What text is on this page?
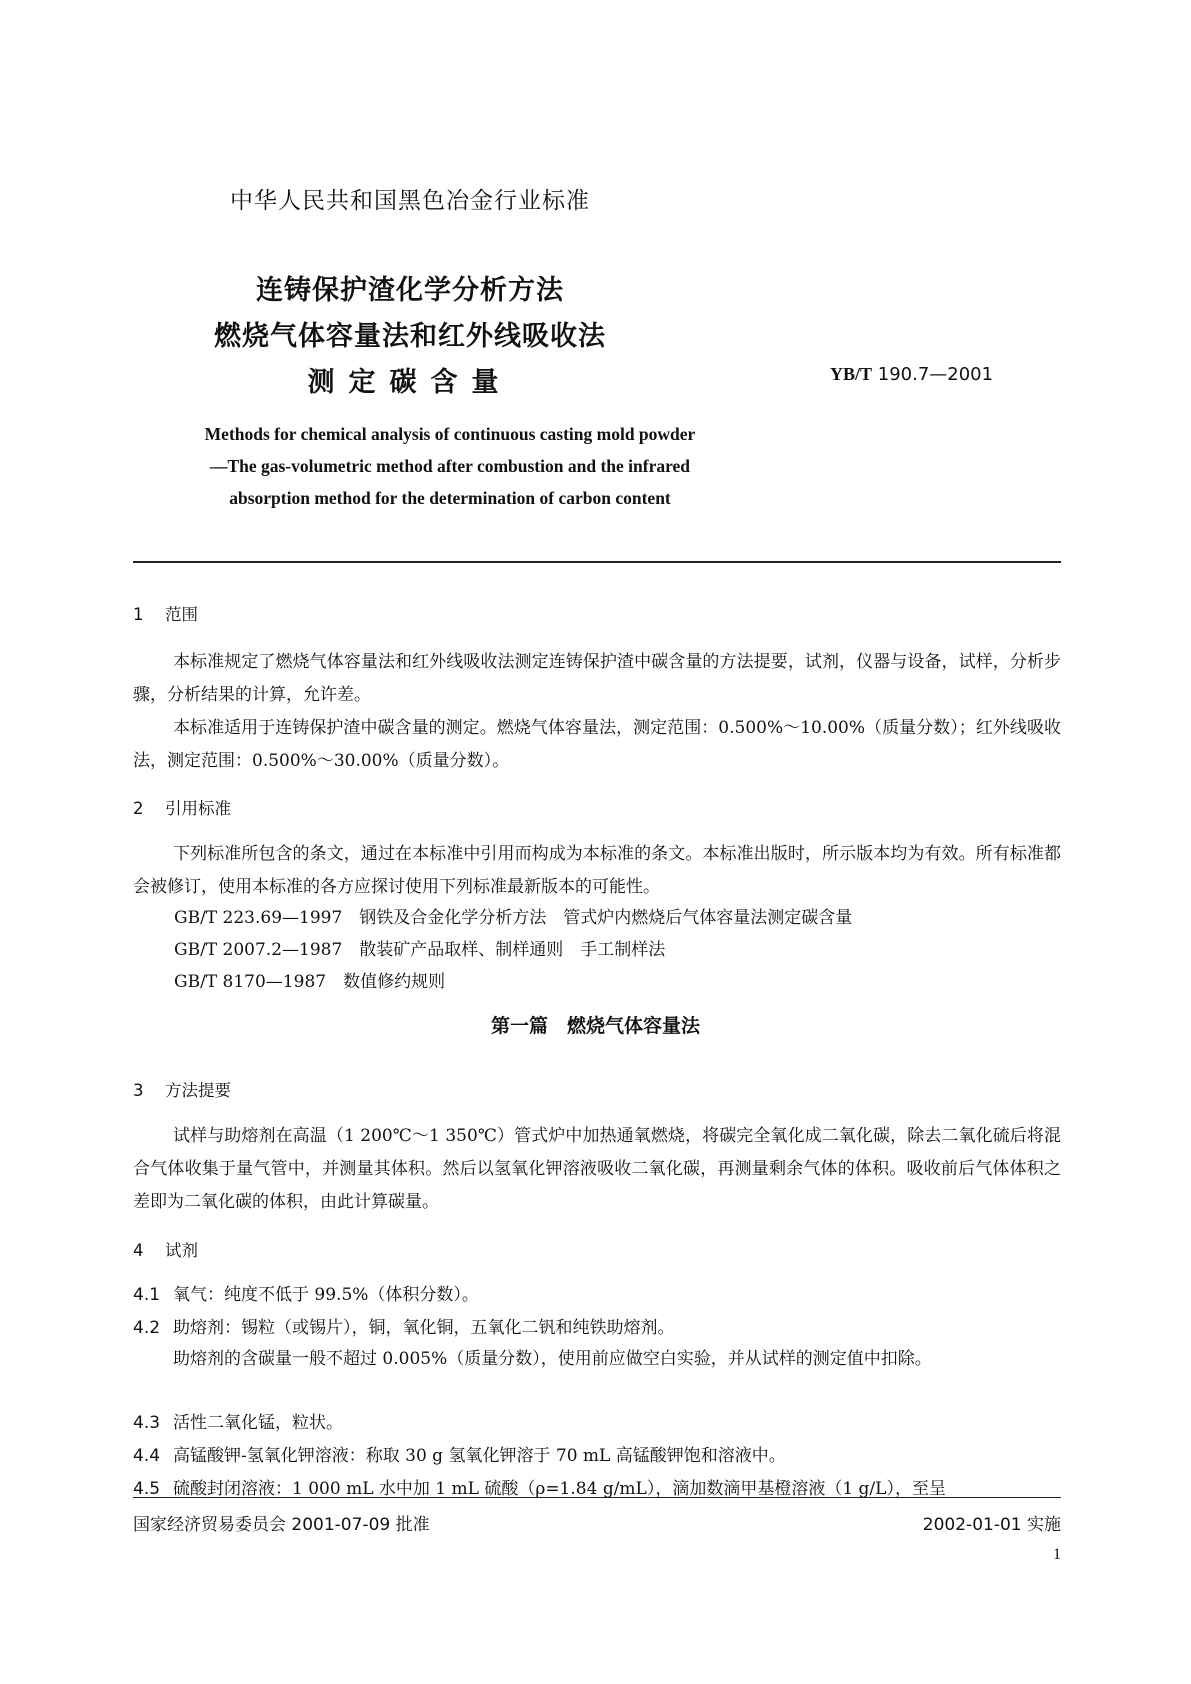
中华人民共和国黑色冶金行业标准
连铸保护渣化学分析方法
燃烧气体容量法和红外线吸收法
测定碳含量	YB/T 190.7—2001
Methods for chemical analysis of continuous casting mold powder
—The gas-volumetric method after combustion and the infrared
absorption method for the determination of carbon content
1 范围
本标准规定了燃烧气体容量法和红外线吸收法测定连铸保护渣中碳含量的方法提要，试剂，仪器与设备，试样，分析步骤，分析结果的计算，允许差。
本标准适用于连铸保护渣中碳含量的测定。燃烧气体容量法，测定范围：0.500%～10.00%（质量分数）；红外线吸收法，测定范围：0.500%～30.00%（质量分数）。
2 引用标准
下列标准所包含的条文，通过在本标准中引用而构成为本标准的条文。本标准出版时，所示版本均为有效。所有标准都会被修订，使用本标准的各方应探讨使用下列标准最新版本的可能性。
GB/T 223.69—1997　钢铁及合金化学分析方法　管式炉内燃烧后气体容量法测定碳含量
GB/T 2007.2—1987　散装矿产品取样、制样通则　手工制样法
GB/T 8170—1987　数值修约规则
第一篇　燃烧气体容量法
3 方法提要
试样与助熔剂在高温（1 200℃～1 350℃）管式炉中加热通氧燃烧，将碳完全氧化成二氧化碳，除去二氧化硫后将混合气体收集于量气管中，并测量其体积。然后以氢氧化钾溶液吸收二氧化碳，再测量剩余气体的体积。吸收前后气体体积之差即为二氧化碳的体积，由此计算碳量。
4 试剂
4.1 氧气：纯度不低于 99.5%（体积分数）。
4.2 助熔剂：锡粒（或锡片），铜，氧化铜，五氧化二钒和纯铁助熔剂。
助熔剂的含碳量一般不超过 0.005%（质量分数），使用前应做空白实验，并从试样的测定值中扣除。
4.3 活性二氧化锰，粒状。
4.4 高锰酸钾-氢氧化钾溶液：称取 30 g 氢氧化钾溶于 70 mL 高锰酸钾饱和溶液中。
4.5 硫酸封闭溶液：1 000 mL 水中加 1 mL 硫酸（ρ=1.84 g/mL），滴加数滴甲基橙溶液（1 g/L），至呈
国家经济贸易委员会 2001-07-09 批准	2002-01-01 实施
1
